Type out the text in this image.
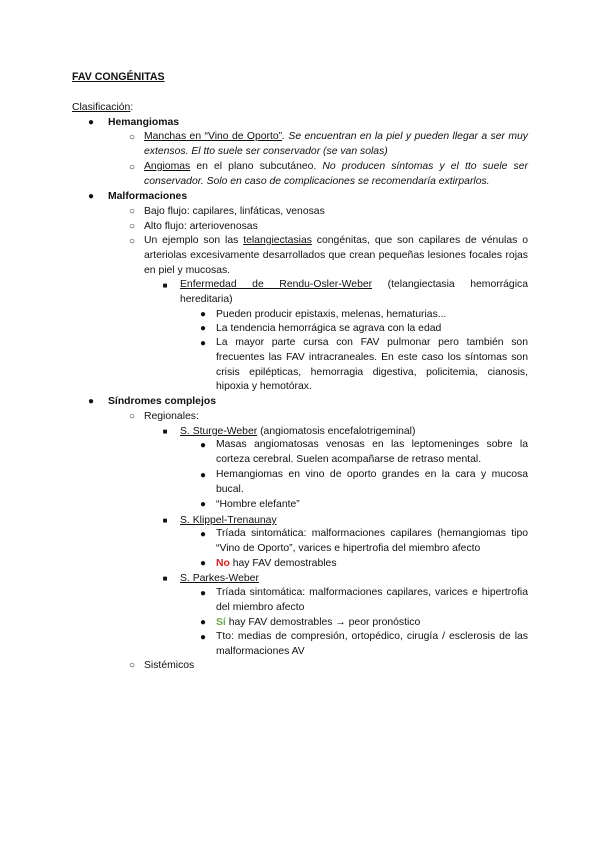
FAV CONGÉNITAS
Clasificación:
● Hemangiomas
○ Manchas en “Vino de Oporto”. Se encuentran en la piel y pueden llegar a ser muy extensos. El tto suele ser conservador (se van solas)
○ Angiomas en el plano subcutáneo. No producen síntomas y el tto suele ser conservador. Solo en caso de complicaciones se recomendaría extirparlos.
● Malformaciones
○ Bajo flujo: capilares, linfáticas, venosas
○ Alto flujo: arteriovenosas
○ Un ejemplo son las telangiectasias congénitas, que son capilares de vénulas o arteriolas excesivamente desarrollados que crean pequeñas lesiones focales rojas en piel y mucosas.
■ Enfermedad de Rendu-Osler-Weber (telangiectasia hemorrágica hereditaria)
● Pueden producir epistaxis, melenas, hematurias...
● La tendencia hemorrágica se agrava con la edad
● La mayor parte cursa con FAV pulmonar pero también son frecuentes las FAV intracraneales. En este caso los síntomas son crisis epilépticas, hemorragia digestiva, policitemia, cianosis, hipoxia y hemotórax.
● Síndromes complejos
○ Regionales:
■ S. Sturge-Weber (angiomatosis encefalotrigeminal)
● Masas angiomatosas venosas en las leptomeninges sobre la corteza cerebral. Suelen acompañarse de retraso mental.
● Hemangiomas en vino de oporto grandes en la cara y mucosa bucal.
● “Hombre elefante”
■ S. Klippel-Trenaunay
● Tríada sintomática: malformaciones capilares (hemangiomas tipo “Vino de Oporto”, varices e hipertrofia del miembro afecto
● No hay FAV demostrables
■ S. Parkes-Weber
● Tríada sintomática: malformaciones capilares, varices e hipertrofia del miembro afecto
● Sí hay FAV demostrables → peor pronóstico
● Tto: medias de compresión, ortopédico, cirugía / esclerosis de las malformaciones AV
○ Sistémicos
